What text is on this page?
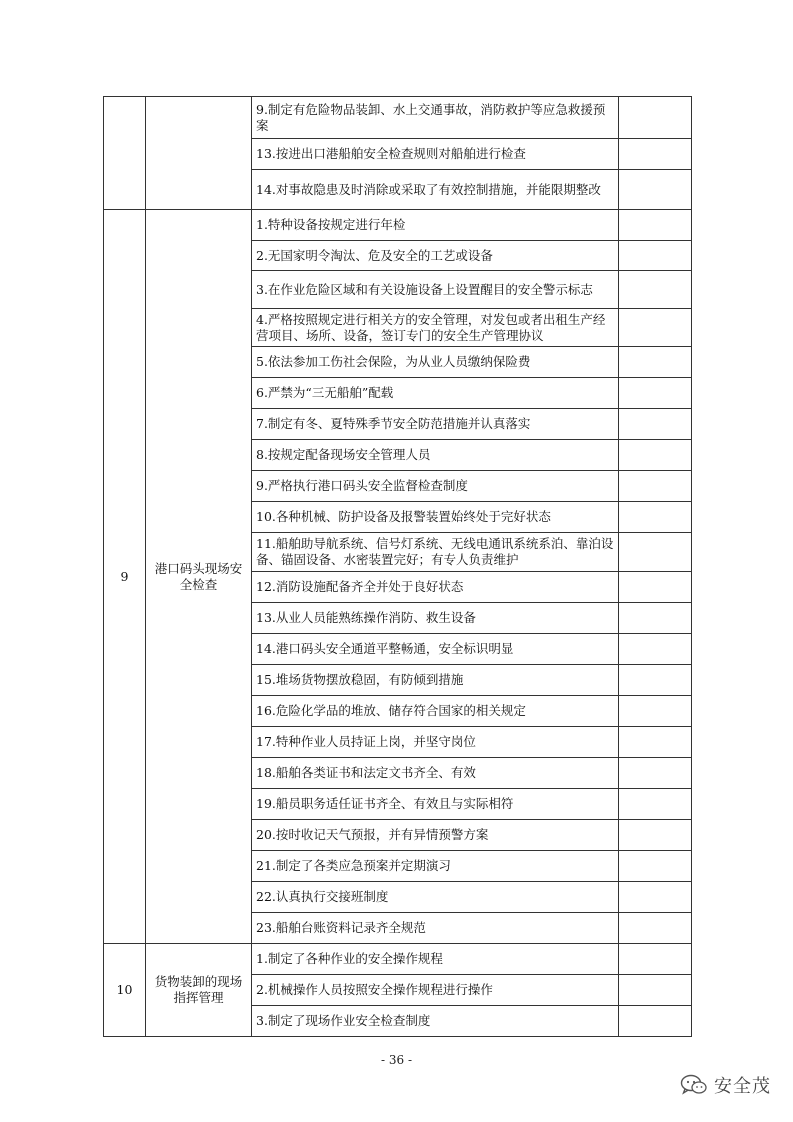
		9.制定有危险物品装卸、水上交通事故，消防救护等应急救援预案	

		13.按进出口港船舶安全检查规则对船舶进行检查	

		14.对事故隐患及时消除或采取了有效控制措施，并能限期整改	

9	港口码头现场安全检查	1.特种设备按规定进行年检	

		2.无国家明令淘汰、危及安全的工艺或设备	

		3.在作业危险区域和有关设施设备上设置醒目的安全警示标志	

		4.严格按照规定进行相关方的安全管理，对发包或者出租生产经营项目、场所、设备，签订专门的安全生产管理协议	

		5.依法参加工伤社会保险，为从业人员缴纳保险费	

		6.严禁为“三无船舶”配载	

		7.制定有冬、夏特殊季节安全防范措施并认真落实	

		8.按规定配备现场安全管理人员	

		9.严格执行港口码头安全监督检查制度	

		10.各种机械、防护设备及报警装置始终处于完好状态	

		11.船舶助导航系统、信号灯系统、无线电通讯系统系泊、靠泊设备、锚固设备、水密装置完好；有专人负责维护	

		12.消防设施配备齐全并处于良好状态	

		13.从业人员能熟练操作消防、救生设备	

		14.港口码头安全通道平整畅通，安全标识明显	

		15.堆场货物摆放稳固，有防倾到措施	

		16.危险化学品的堆放、储存符合国家的相关规定	

		17.特种作业人员持证上岗，并坚守岗位	

		18.船舶各类证书和法定文书齐全、有效	

		19.船员职务适任证书齐全、有效且与实际相符	

		20.按时收记天气预报，并有异情预警方案	

		21.制定了各类应急预案并定期演习	

		22.认真执行交接班制度	

		23.船舶台账资料记录齐全规范	

10	货物装卸的现场指挥管理	1.制定了各种作业的安全操作规程	

		2.机械操作人员按照安全操作规程进行操作	

		3.制定了现场作业安全检查制度	

- 36 -
安全茂
